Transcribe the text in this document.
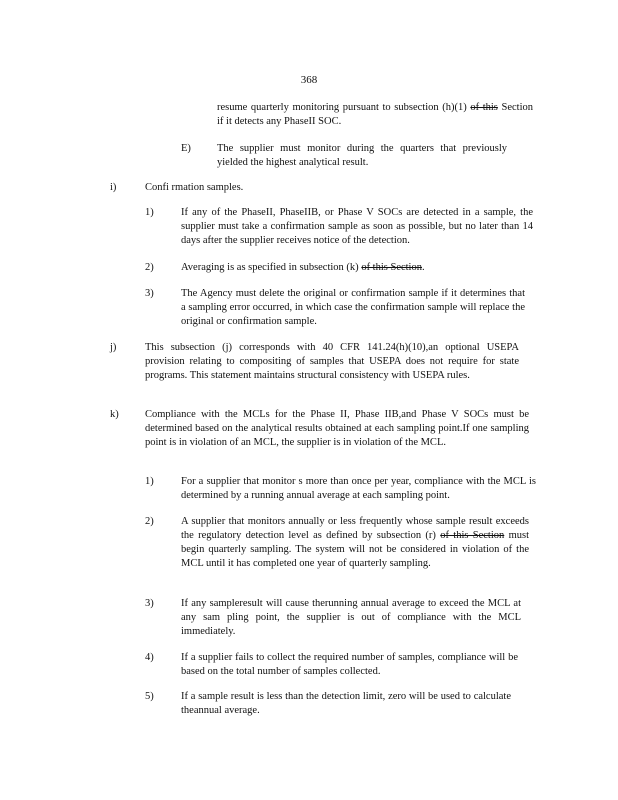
368
resume quarterly monitoring pursuant to subsection (h)(1) of this Section if it detects any PhaseII SOC.
E) The supplier must monitor during the quarters that previously yielded the highest analytical result.
i)	Confi rmation samples.
1)	If any of the PhaseII, PhaseIIB, or Phase V SOCs are detected in a sample, the supplier must take a confirmation sample as soon as possible, but no later than 14 days after the supplier receives notice of the detection.
2)	Averaging is as specified in subsection (k) of this Section.
3)	The Agency must delete the original or confirmation sample if it determines that a sampling error occurred, in which case the confirmation sample will replace the original or confirmation sample.
j)	This subsection (j) corresponds with 40 CFR 141.24(h)(10),an optional USEPA provision relating to compositing of samples that USEPA does not require for state programs. This statement maintains structural consistency with USEPA rules.
k)	Compliance with the MCLs for the Phase II, Phase IIB,and Phase V SOCs must be determined based on the analytical results obtained at each sampling point.If one sampling point is in violation of an MCL, the supplier is in violation of the MCL.
1)	For a supplier that monitor s more than once per year, compliance with the MCL is determined by a running annual average at each sampling point.
2)	A supplier that monitors annually or less frequently whose sample result exceeds the regulatory detection level as defined by subsection (r) of this Section must begin quarterly sampling. The system will not be considered in violation of the MCL until it has completed one year of quarterly sampling.
3)	If any sampleresult will cause therunning annual average to exceed the MCL at any sam pling point, the supplier is out of compliance with the MCL immediately.
4)	If a supplier fails to collect the required number of samples, compliance will be based on the total number of samples collected.
5)	If a sample result is less than the detection limit, zero will be used to calculate theannual average.
